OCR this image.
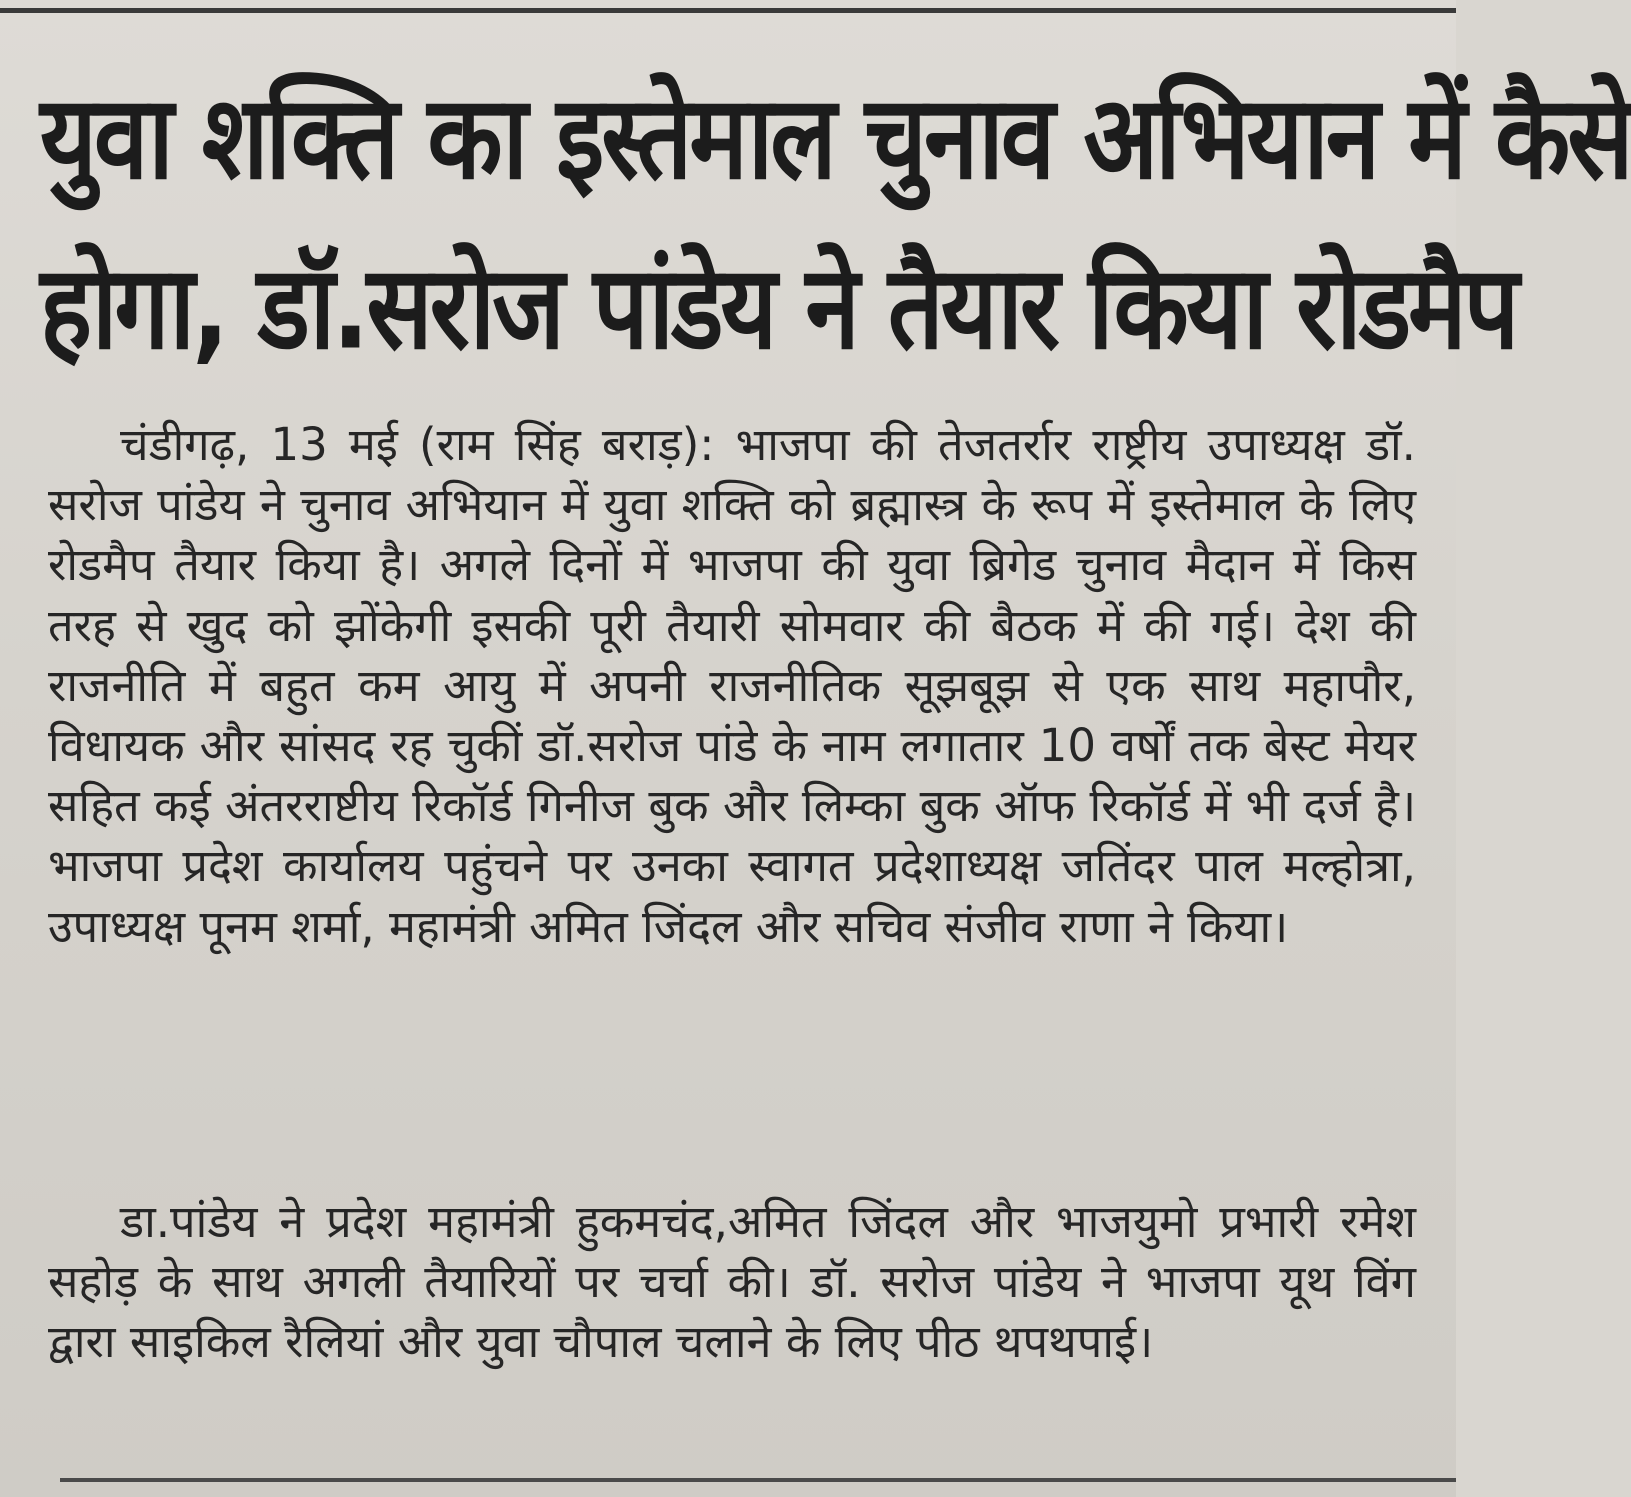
युवा शक्ति का इस्तेमाल चुनाव अभियान में कैसे
होगा, डॉ.सरोज पांडेय ने तैयार किया रोडमैप

चंडीगढ़, 13 मई (राम सिंह बराड़): भाजपा की तेजतर्रार राष्ट्रीय उपाध्यक्ष डॉ. सरोज पांडेय ने चुनाव अभियान में युवा शक्ति को ब्रह्मास्त्र के रूप में इस्तेमाल के लिए रोडमैप तैयार किया है। अगले दिनों में भाजपा की युवा ब्रिगेड चुनाव मैदान में किस तरह से खुद को झोंकेगी इसकी पूरी तैयारी सोमवार की बैठक में की गई। देश की राजनीति में बहुत कम आयु में अपनी राजनीतिक सूझबूझ से एक साथ महापौर, विधायक और सांसद रह चुकीं डॉ.सरोज पांडे के नाम लगातार 10 वर्षों तक बेस्ट मेयर सहित कई अंतरराष्टीय रिकॉर्ड गिनीज बुक और लिम्का बुक ऑफ रिकॉर्ड में भी दर्ज है। भाजपा प्रदेश कार्यालय पहुंचने पर उनका स्वागत प्रदेशाध्यक्ष जतिंदर पाल मल्होत्रा, उपाध्यक्ष पूनम शर्मा, महामंत्री अमित जिंदल और सचिव संजीव राणा ने किया।

डा.पांडेय ने प्रदेश महामंत्री हुकमचंद,अमित जिंदल और भाजयुमो प्रभारी रमेश सहोड़ के साथ अगली तैयारियों पर चर्चा की। डॉ. सरोज पांडेय ने भाजपा यूथ विंग द्वारा साइकिल रैलियां और युवा चौपाल चलाने के लिए पीठ थपथपाई।
